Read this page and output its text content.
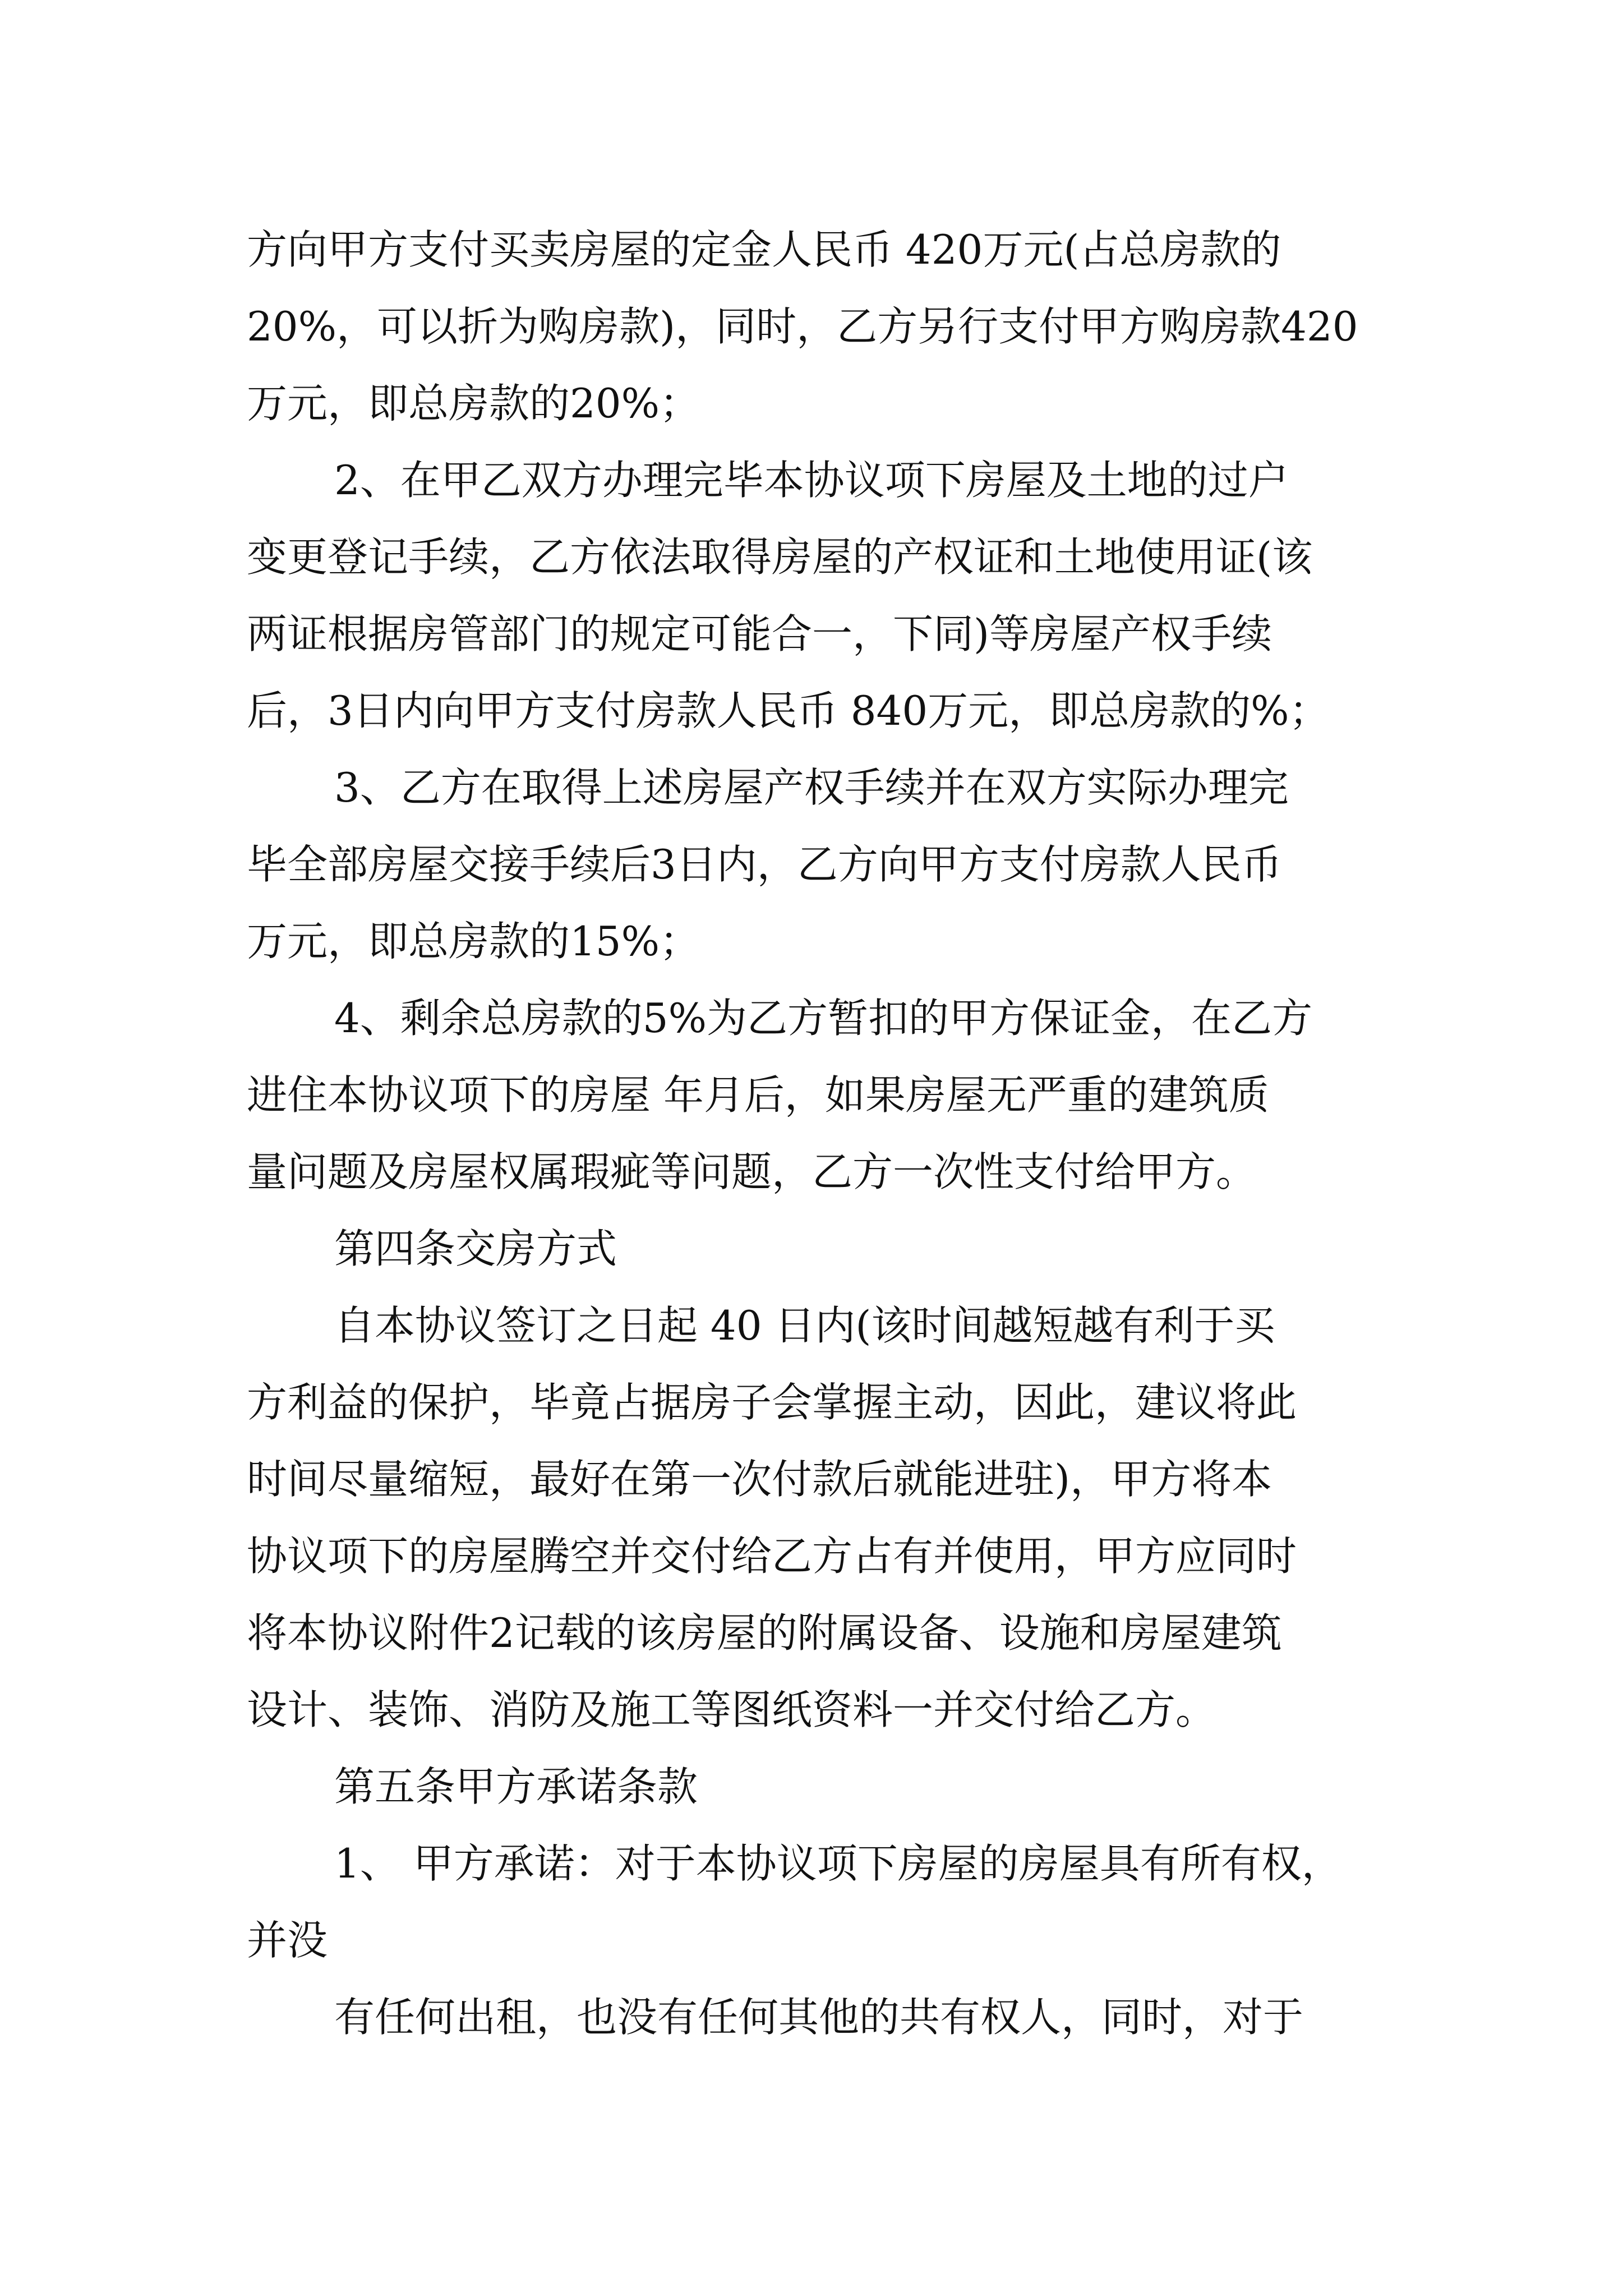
方向甲方支付买卖房屋的定金人民币 420万元(占总房款的

20%，可以折为购房款)，同时，乙方另行支付甲方购房款420

万元，即总房款的20%；

2、在甲乙双方办理完毕本协议项下房屋及土地的过户

变更登记手续，乙方依法取得房屋的产权证和土地使用证(该

两证根据房管部门的规定可能合一，下同)等房屋产权手续

后，3日内向甲方支付房款人民币 840万元，即总房款的%；

3、乙方在取得上述房屋产权手续并在双方实际办理完

毕全部房屋交接手续后3日内，乙方向甲方支付房款人民币

万元，即总房款的15%；

4、剩余总房款的5%为乙方暂扣的甲方保证金，在乙方

进住本协议项下的房屋 年月后，如果房屋无严重的建筑质

量问题及房屋权属瑕疵等问题，乙方一次性支付给甲方。

第四条交房方式

自本协议签订之日起 40 日内(该时间越短越有利于买

方利益的保护，毕竟占据房子会掌握主动，因此，建议将此

时间尽量缩短，最好在第一次付款后就能进驻)，甲方将本

协议项下的房屋腾空并交付给乙方占有并使用，甲方应同时

将本协议附件2记载的该房屋的附属设备、设施和房屋建筑

设计、装饰、消防及施工等图纸资料一并交付给乙方。

第五条甲方承诺条款

1、 甲方承诺：对于本协议项下房屋的房屋具有所有权，

并没

有任何出租，也没有任何其他的共有权人，同时，对于
